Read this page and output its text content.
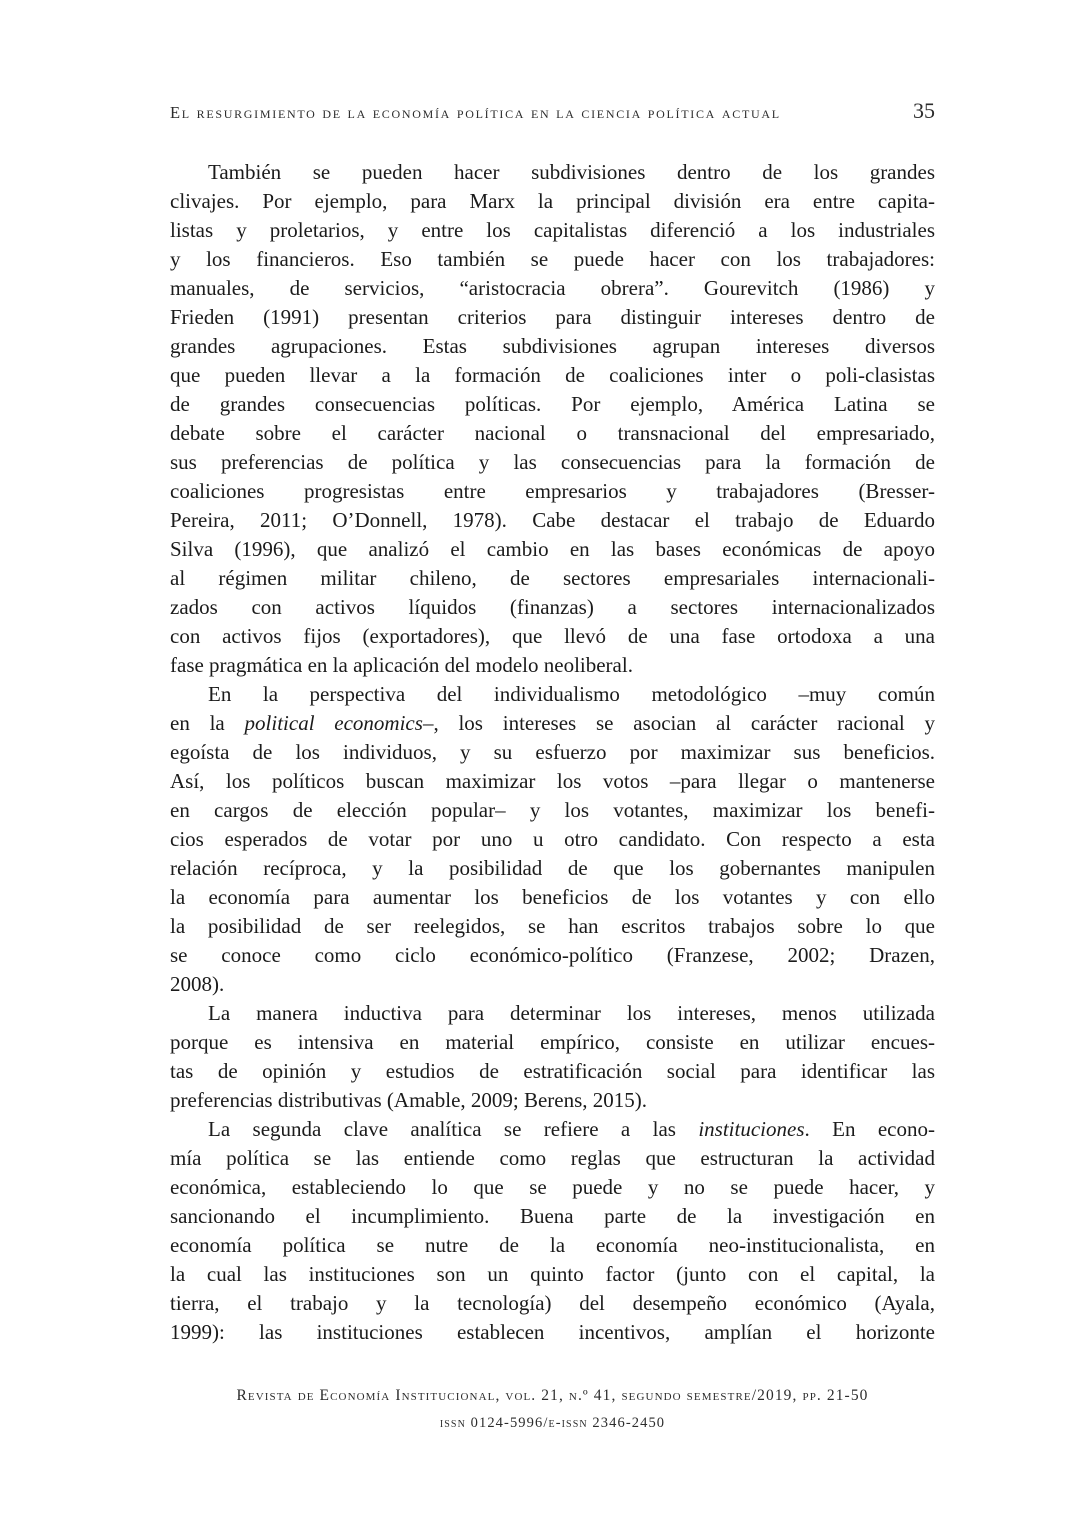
El resurgimiento de la economía política en la ciencia política actual	35
También se pueden hacer subdivisiones dentro de los grandes
clivajes. Por ejemplo, para Marx la principal división era entre capita-
listas y proletarios, y entre los capitalistas diferenció a los industriales
y los financieros. Eso también se puede hacer con los trabajadores:
manuales, de servicios, “aristocracia obrera”. Gourevitch (1986) y
Frieden (1991) presentan criterios para distinguir intereses dentro de
grandes agrupaciones. Estas subdivisiones agrupan intereses diversos
que pueden llevar a la formación de coaliciones inter o poli-clasistas
de grandes consecuencias políticas. Por ejemplo, América Latina se
debate sobre el carácter nacional o transnacional del empresariado,
sus preferencias de política y las consecuencias para la formación de
coaliciones progresistas entre empresarios y trabajadores (Bresser-
Pereira, 2011; O’Donnell, 1978). Cabe destacar el trabajo de Eduardo
Silva (1996), que analizó el cambio en las bases económicas de apoyo
al régimen militar chileno, de sectores empresariales internacionali-
zados con activos líquidos (finanzas) a sectores internacionalizados
con activos fijos (exportadores), que llevó de una fase ortodoxa a una
fase pragmática en la aplicación del modelo neoliberal.
En la perspectiva del individualismo metodológico –muy común
en la political economics–, los intereses se asocian al carácter racional y
egoísta de los individuos, y su esfuerzo por maximizar sus beneficios.
Así, los políticos buscan maximizar los votos –para llegar o mantenerse
en cargos de elección popular– y los votantes, maximizar los benefi-
cios esperados de votar por uno u otro candidato. Con respecto a esta
relación recíproca, y la posibilidad de que los gobernantes manipulen
la economía para aumentar los beneficios de los votantes y con ello
la posibilidad de ser reelegidos, se han escritos trabajos sobre lo que
se conoce como ciclo económico-político (Franzese, 2002; Drazen,
2008).
La manera inductiva para determinar los intereses, menos utilizada
porque es intensiva en material empírico, consiste en utilizar encues-
tas de opinión y estudios de estratificación social para identificar las
preferencias distributivas (Amable, 2009; Berens, 2015).
La segunda clave analítica se refiere a las instituciones. En econo-
mía política se las entiende como reglas que estructuran la actividad
económica, estableciendo lo que se puede y no se puede hacer, y
sancionando el incumplimiento. Buena parte de la investigación en
economía política se nutre de la economía neo-institucionalista, en
la cual las instituciones son un quinto factor (junto con el capital, la
tierra, el trabajo y la tecnología) del desempeño económico (Ayala,
1999): las instituciones establecen incentivos, amplían el horizonte
Revista de Economía Institucional, vol. 21, n.º 41, segundo semestre/2019, pp. 21-50
issn 0124-5996/e-issn 2346-2450
